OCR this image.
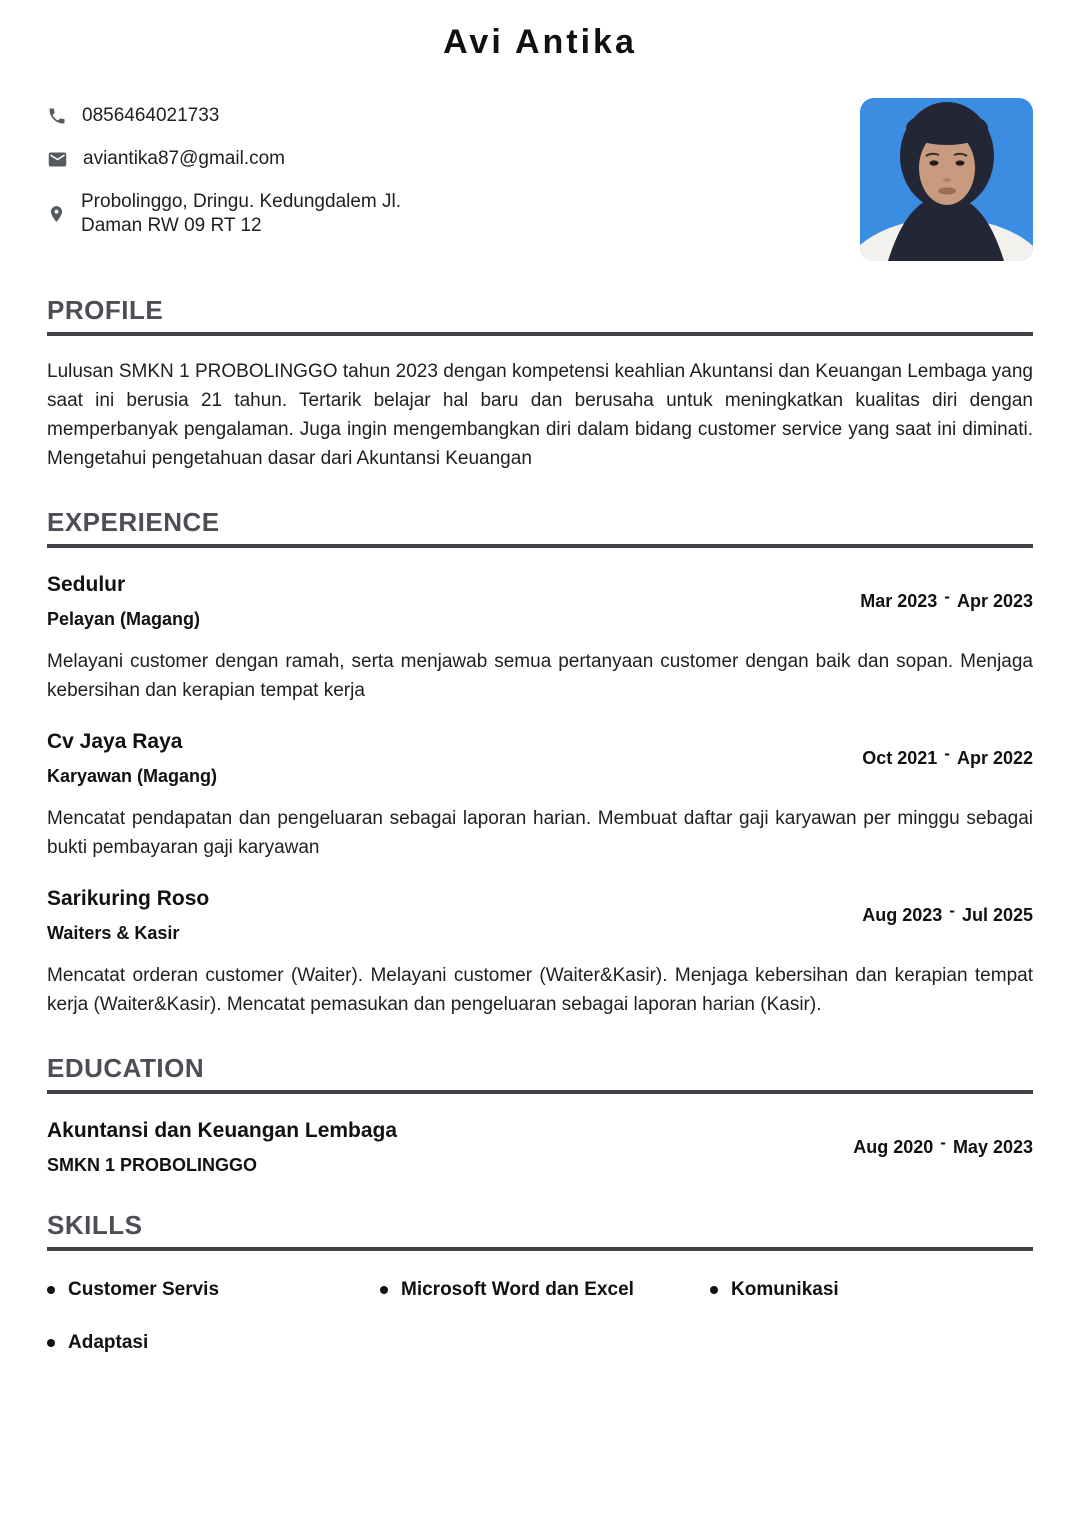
Avi Antika
0856464021733
aviantika87@gmail.com
Probolinggo, Dringu. Kedungdalem Jl.
Daman RW 09 RT 12
PROFILE

Lulusan SMKN 1 PROBOLINGGO tahun 2023 dengan kompetensi keahlian Akuntansi dan Keuangan Lembaga yang saat ini berusia 21 tahun. Tertarik belajar hal baru dan berusaha untuk meningkatkan kualitas diri dengan memperbanyak pengalaman. Juga ingin mengembangkan diri dalam bidang customer service yang saat ini diminati. Mengetahui pengetahuan dasar dari Akuntansi Keuangan

EXPERIENCE

Sedulur

Pelayan (Magang)

Mar 2023 - Apr 2023

Melayani customer dengan ramah, serta menjawab semua pertanyaan customer dengan baik dan sopan. Menjaga kebersihan dan kerapian tempat kerja

Cv Jaya Raya

Karyawan (Magang)

Oct 2021 - Apr 2022

Mencatat pendapatan dan pengeluaran sebagai laporan harian. Membuat daftar gaji karyawan per minggu sebagai bukti pembayaran gaji karyawan

Sarikuring Roso

Waiters & Kasir

Aug 2023 - Jul 2025

Mencatat orderan customer (Waiter). Melayani customer (Waiter&Kasir). Menjaga kebersihan dan kerapian tempat kerja (Waiter&Kasir). Mencatat pemasukan dan pengeluaran sebagai laporan harian (Kasir).

EDUCATION

Akuntansi dan Keuangan Lembaga

SMKN 1 PROBOLINGGO

Aug 2020 - May 2023
SKILLS
Customer Servis	Microsoft Word dan Excel	Komunikasi
Adaptasi
